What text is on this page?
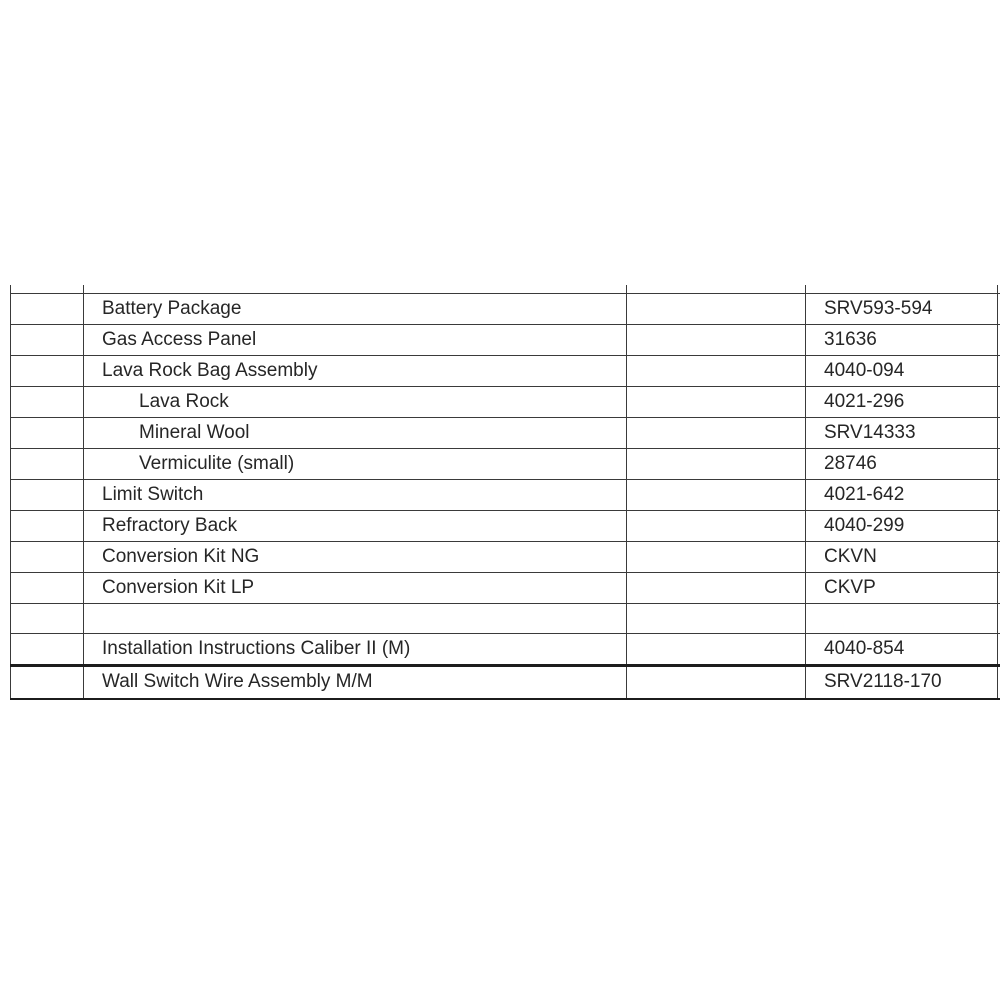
	Battery Package		SRV593-594	
	Gas Access Panel		31636	
	Lava Rock Bag Assembly		4040-094	
	Lava Rock		4021-296	
	Mineral Wool		SRV14333	
	Vermiculite (small)		28746	
	Limit Switch		4021-642	
	Refractory Back		4040-299	
	Conversion Kit NG		CKVN	
	Conversion Kit LP		CKVP	

	Installation Instructions Caliber II (M)		4040-854	
	Wall Switch Wire Assembly M/M		SRV2118-170	
